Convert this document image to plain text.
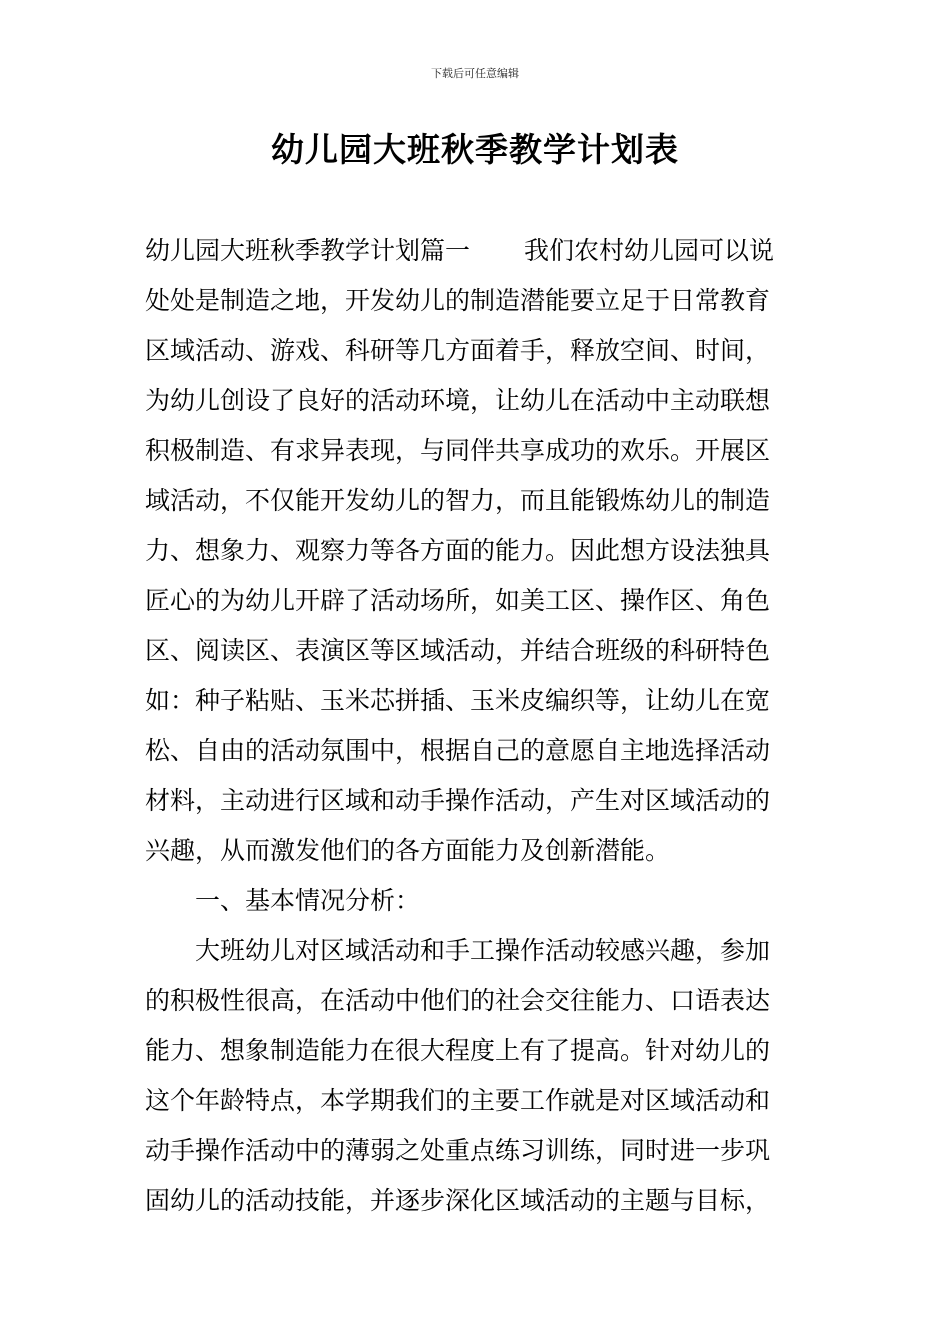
下载后可任意编辑
幼儿园大班秋季教学计划表
幼儿园大班秋季教学计划篇一 我们农村幼儿园可以说
处处是制造之地，开发幼儿的制造潜能要立足于日常教育
区域活动、游戏、科研等几方面着手，释放空间、时间，
为幼儿创设了良好的活动环境，让幼儿在活动中主动联想
积极制造、有求异表现，与同伴共享成功的欢乐。开展区
域活动，不仅能开发幼儿的智力，而且能锻炼幼儿的制造
力、想象力、观察力等各方面的能力。因此想方设法独具
匠心的为幼儿开辟了活动场所，如美工区、操作区、角色
区、阅读区、表演区等区域活动，并结合班级的科研特色
如：种子粘贴、玉米芯拼插、玉米皮编织等，让幼儿在宽
松、自由的活动氛围中，根据自己的意愿自主地选择活动
材料，主动进行区域和动手操作活动，产生对区域活动的
兴趣，从而激发他们的各方面能力及创新潜能。
一、基本情况分析：
大班幼儿对区域活动和手工操作活动较感兴趣，参加
的积极性很高，在活动中他们的社会交往能力、口语表达
能力、想象制造能力在很大程度上有了提高。针对幼儿的
这个年龄特点，本学期我们的主要工作就是对区域活动和
动手操作活动中的薄弱之处重点练习训练，同时进一步巩
固幼儿的活动技能，并逐步深化区域活动的主题与目标，
